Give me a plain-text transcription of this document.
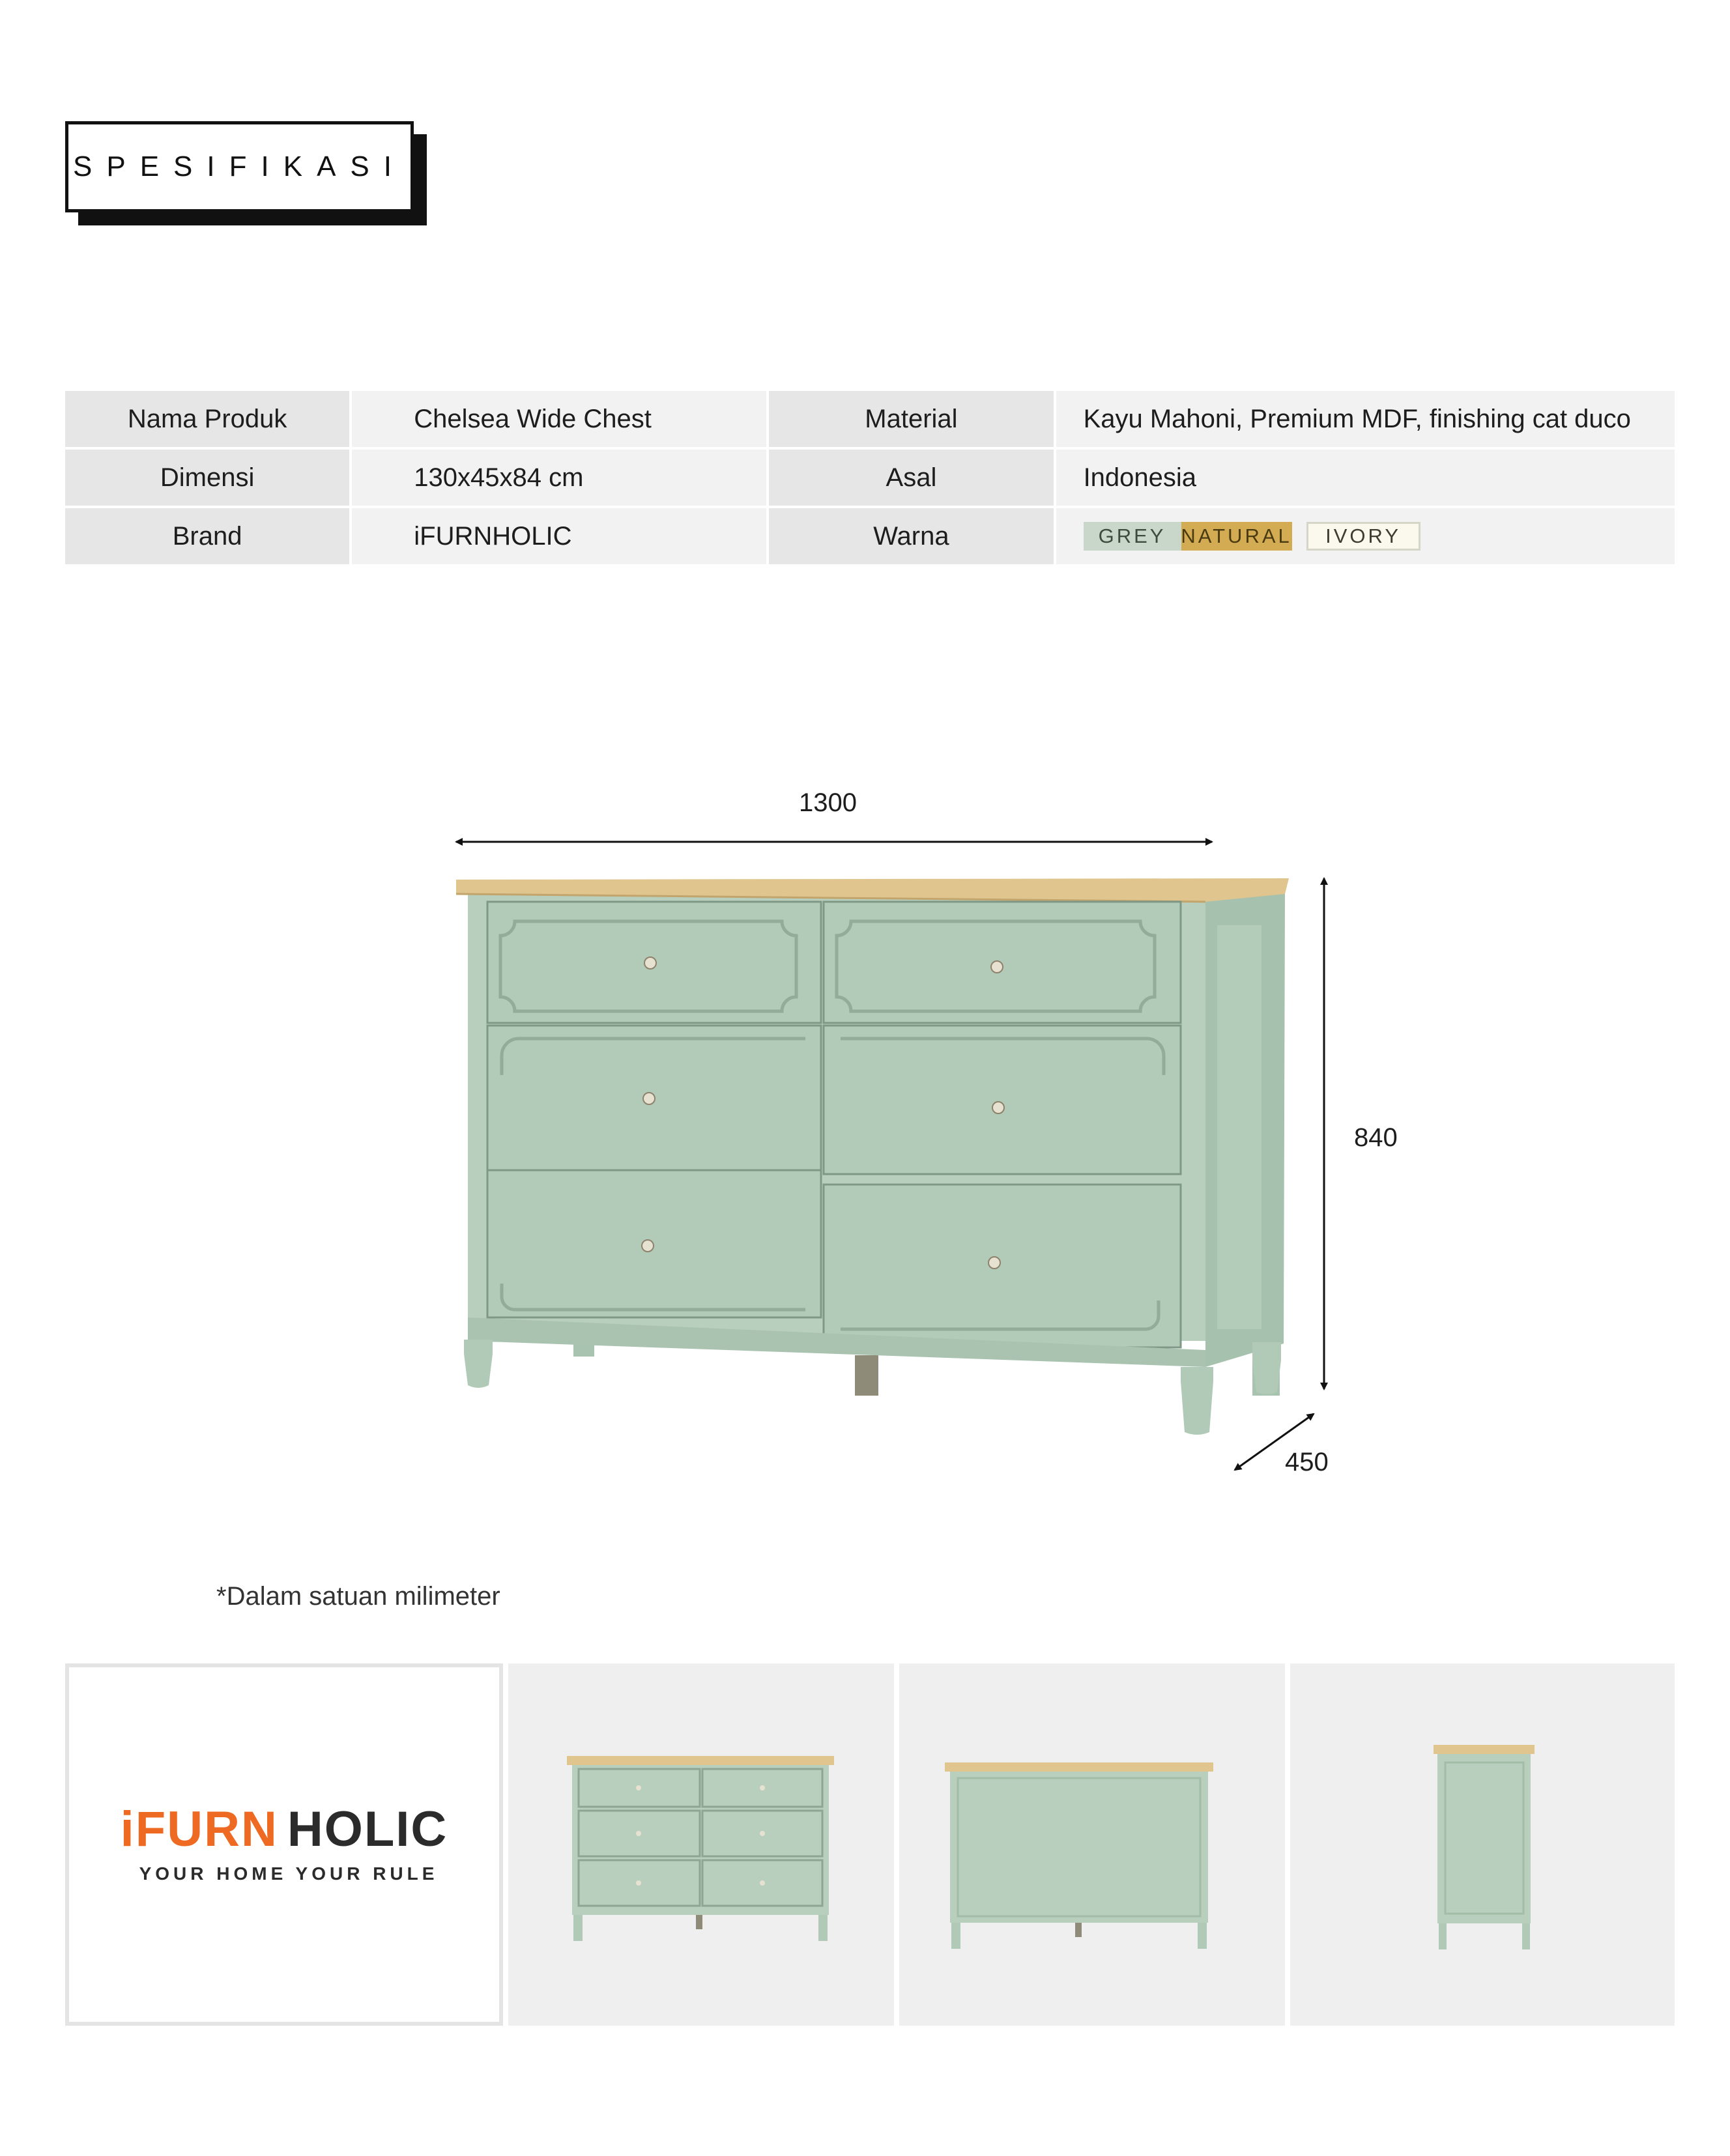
SPESIFIKASI
Nama Produk	Chelsea Wide Chest	Material	Kayu Mahoni, Premium MDF, finishing cat duco
Dimensi	130x45x84 cm	Asal	Indonesia
Brand	iFURNHOLIC	Warna	GREY NATURAL	IVORY
1300
840
450
*Dalam satuan milimeter
iFURN HOLIC
YOUR HOME YOUR RULE
